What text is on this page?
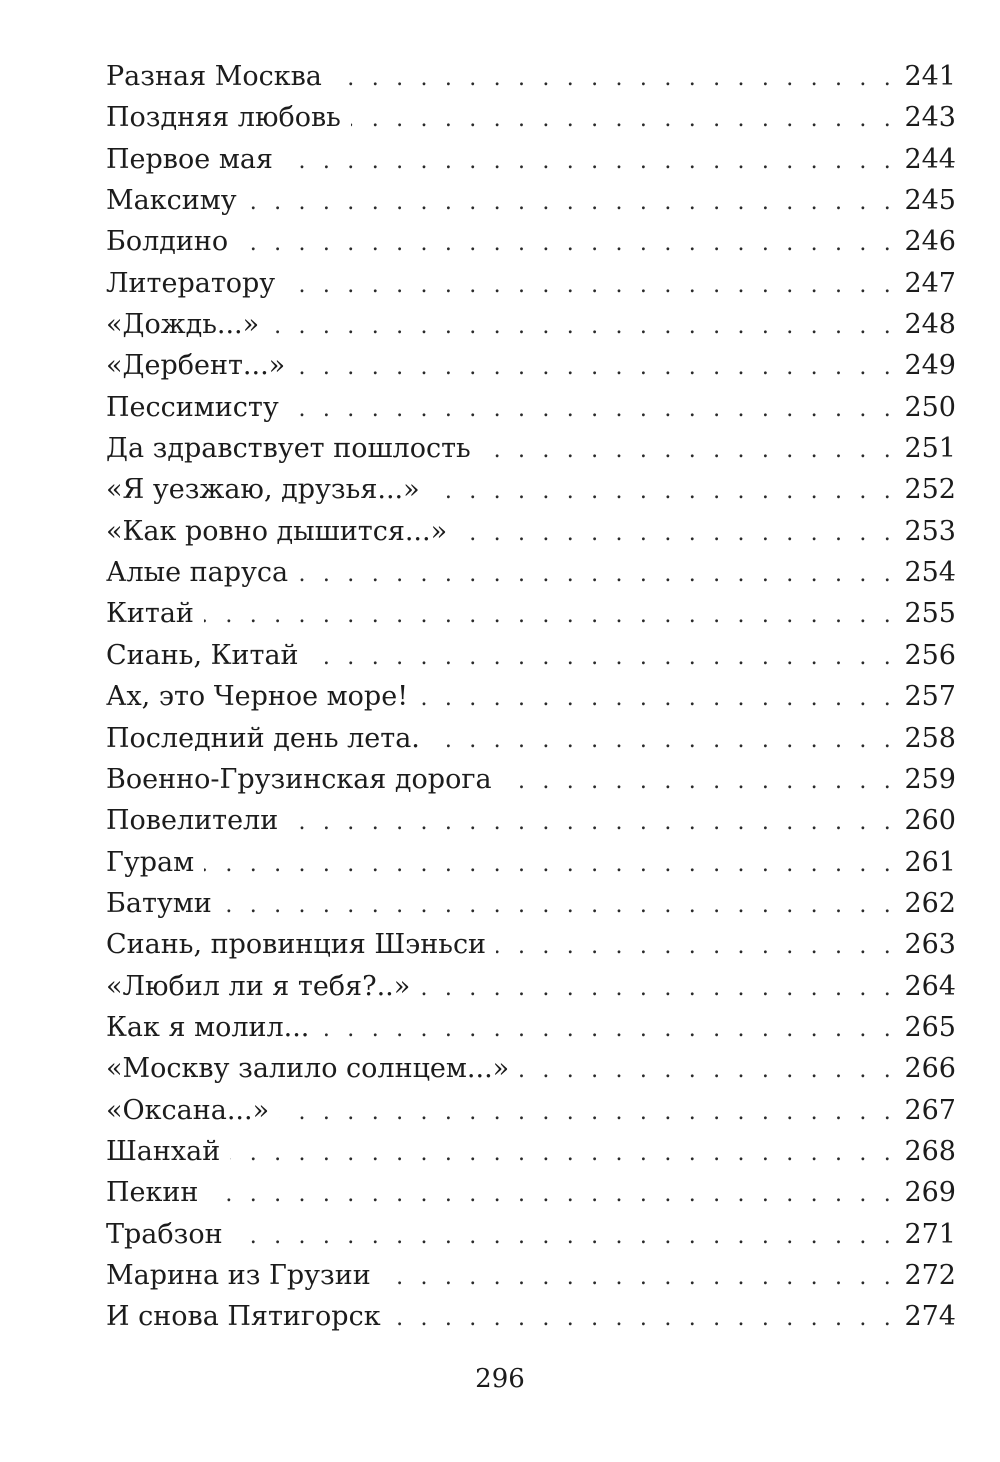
Разная Москва . . .	241
Поздняя любовь . . .	243
Первое мая . . .	244
Максиму . . .	245
Болдино . . .	246
Литератору . . .	247
«Дождь...» . . .	248
«Дербент...» . . .	249
Пессимисту . . .	250
Да здравствует пошлость . . .	251
«Я уезжаю, друзья...» . . .	252
«Как ровно дышится...» . . .	253
Алые паруса . . .	254
Китай . . .	255
Сиань, Китай . . .	256
Ах, это Черное море! . . .	257
Последний день лета. . . .	258
Военно-Грузинская дорога . . .	259
Повелители . . .	260
Гурам . . .	261
Батуми . . .	262
Сиань, провинция Шэньси . . .	263
«Любил ли я тебя?..» . . .	264
Как я молил... . . .	265
«Москву залило солнцем...» . . .	266
«Оксана...» . . .	267
Шанхай . . .	268
Пекин . . .	269
Трабзон . . .	271
Марина из Грузии . . .	272
И снова Пятигорск . . .	274
296
